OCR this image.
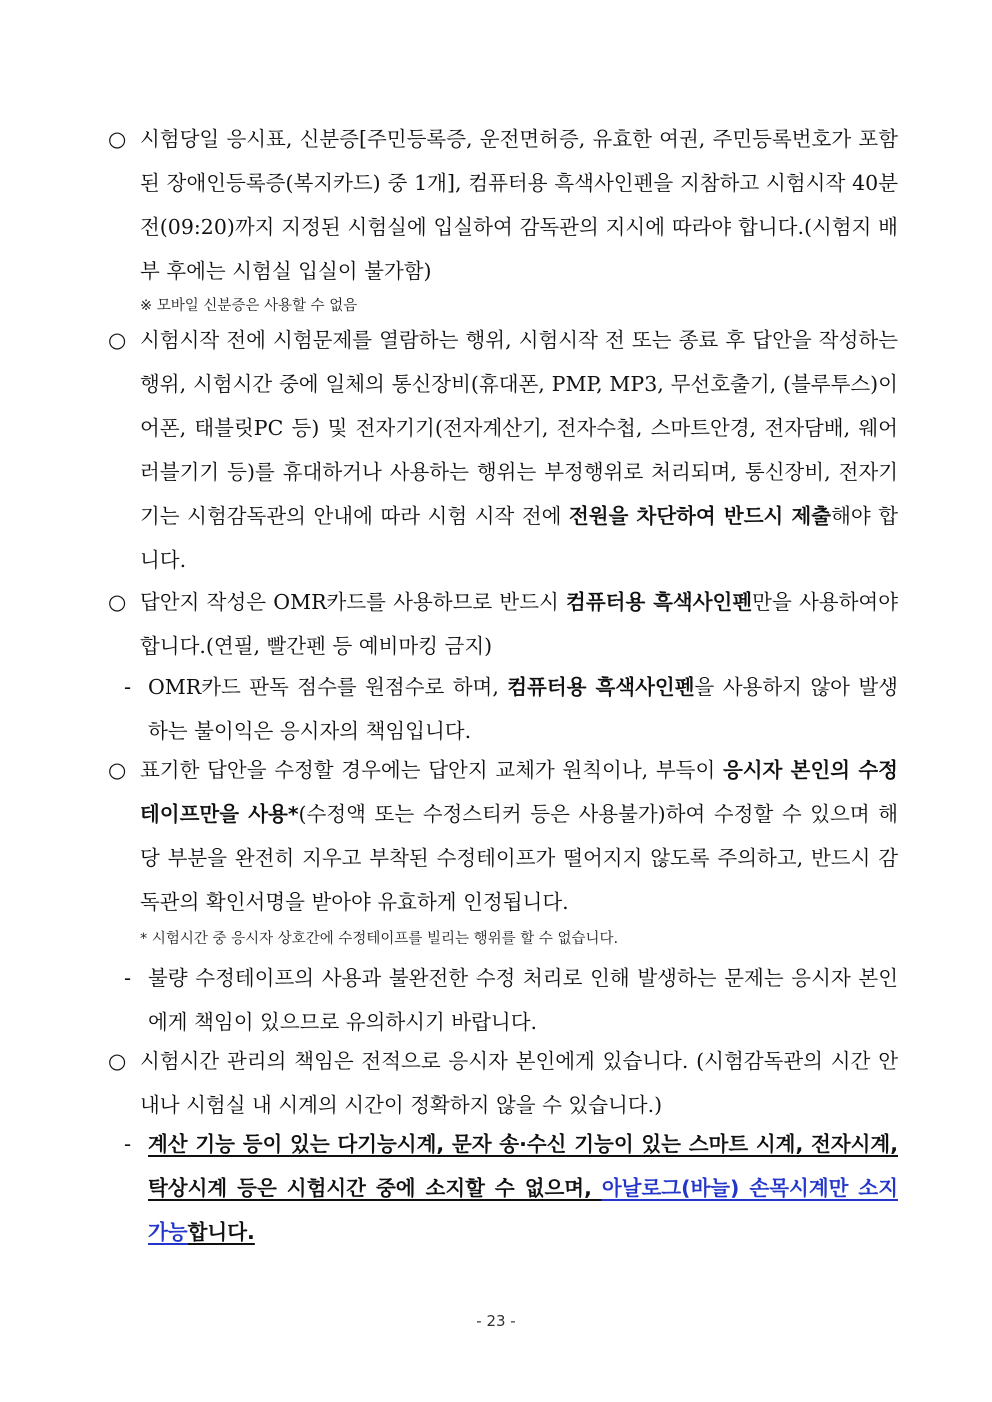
○ 시험당일 응시표, 신분증[주민등록증, 운전면허증, 유효한 여권, 주민등록번호가 포함된 장애인등록증(복지카드) 중 1개], 컴퓨터용 흑색사인펜을 지참하고 시험시작 40분전(09:20)까지 지정된 시험실에 입실하여 감독관의 지시에 따라야 합니다.(시험지 배부 후에는 시험실 입실이 불가함)
※ 모바일 신분증은 사용할 수 없음
○ 시험시작 전에 시험문제를 열람하는 행위, 시험시작 전 또는 종료 후 답안을 작성하는 행위, 시험시간 중에 일체의 통신장비(휴대폰, PMP, MP3, 무선호출기, (블루투스)이어폰, 태블릿PC 등) 및 전자기기(전자계산기, 전자수첩, 스마트안경, 전자담배, 웨어러블기기 등)를 휴대하거나 사용하는 행위는 부정행위로 처리되며, 통신장비, 전자기기는 시험감독관의 안내에 따라 시험 시작 전에 전원을 차단하여 반드시 제출해야 합니다.
○ 답안지 작성은 OMR카드를 사용하므로 반드시 컴퓨터용 흑색사인펜만을 사용하여야 합니다.(연필, 빨간펜 등 예비마킹 금지)
- OMR카드 판독 점수를 원점수로 하며, 컴퓨터용 흑색사인펜을 사용하지 않아 발생하는 불이익은 응시자의 책임입니다.
○ 표기한 답안을 수정할 경우에는 답안지 교체가 원칙이나, 부득이 응시자 본인의 수정테이프만을 사용*(수정액 또는 수정스티커 등은 사용불가)하여 수정할 수 있으며 해당 부분을 완전히 지우고 부착된 수정테이프가 떨어지지 않도록 주의하고, 반드시 감독관의 확인서명을 받아야 유효하게 인정됩니다.
* 시험시간 중 응시자 상호간에 수정테이프를 빌리는 행위를 할 수 없습니다.
- 불량 수정테이프의 사용과 불완전한 수정 처리로 인해 발생하는 문제는 응시자 본인에게 책임이 있으므로 유의하시기 바랍니다.
○ 시험시간 관리의 책임은 전적으로 응시자 본인에게 있습니다. (시험감독관의 시간 안내나 시험실 내 시계의 시간이 정확하지 않을 수 있습니다.)
- 계산 기능 등이 있는 다기능시계, 문자 송·수신 기능이 있는 스마트 시계, 전자시계, 탁상시계 등은 시험시간 중에 소지할 수 없으며, 아날로그(바늘) 손목시계만 소지 가능합니다.
- 23 -
